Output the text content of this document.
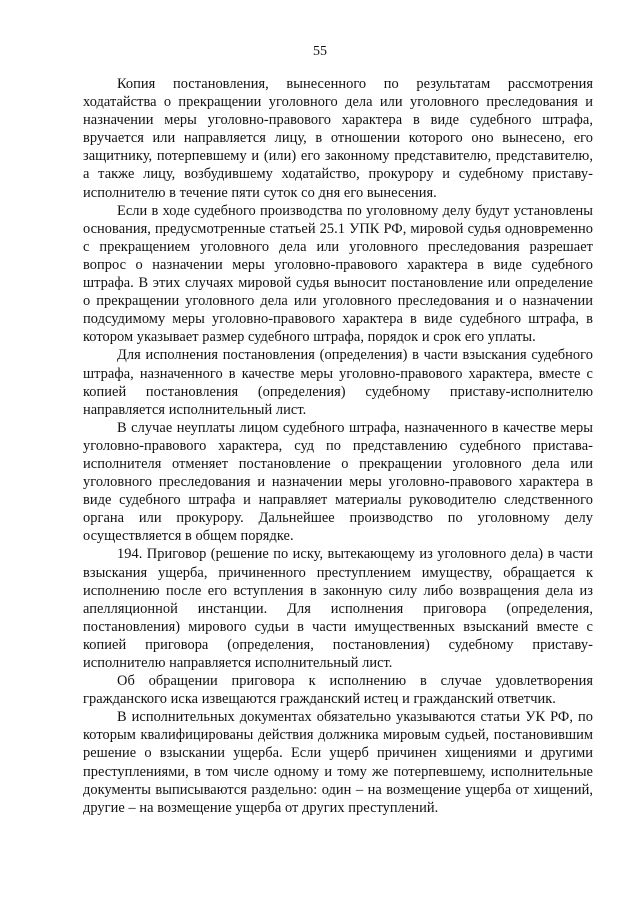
55

Копия постановления, вынесенного по результатам рассмотрения ходатайства о прекращении уголовного дела или уголовного преследования и назначении меры уголовно-правового характера в виде судебного штрафа, вручается или направляется лицу, в отношении которого оно вынесено, его защитнику, потерпевшему и (или) его законному представителю, представителю, а также лицу, возбудившему ходатайство, прокурору и судебному приставу-исполнителю в течение пяти суток со дня его вынесения.

Если в ходе судебного производства по уголовному делу будут установлены основания, предусмотренные статьей 25.1 УПК РФ, мировой судья одновременно с прекращением уголовного дела или уголовного преследования разрешает вопрос о назначении меры уголовно-правового характера в виде судебного штрафа. В этих случаях мировой судья выносит постановление или определение о прекращении уголовного дела или уголовного преследования и о назначении подсудимому меры уголовно-правового характера в виде судебного штрафа, в котором указывает размер судебного штрафа, порядок и срок его уплаты.

Для исполнения постановления (определения) в части взыскания судебного штрафа, назначенного в качестве меры уголовно-правового характера, вместе с копией постановления (определения) судебному приставу-исполнителю направляется исполнительный лист.

В случае неуплаты лицом судебного штрафа, назначенного в качестве меры уголовно-правового характера, суд по представлению судебного пристава-исполнителя отменяет постановление о прекращении уголовного дела или уголовного преследования и назначении меры уголовно-правового характера в виде судебного штрафа и направляет материалы руководителю следственного органа или прокурору. Дальнейшее производство по уголовному делу осуществляется в общем порядке.

194. Приговор (решение по иску, вытекающему из уголовного дела) в части взыскания ущерба, причиненного преступлением имуществу, обращается к исполнению после его вступления в законную силу либо возвращения дела из апелляционной инстанции. Для исполнения приговора (определения, постановления) мирового судьи в части имущественных взысканий вместе с копией приговора (определения, постановления) судебному приставу-исполнителю направляется исполнительный лист.

Об обращении приговора к исполнению в случае удовлетворения гражданского иска извещаются гражданский истец и гражданский ответчик.

В исполнительных документах обязательно указываются статьи УК РФ, по которым квалифицированы действия должника мировым судьей, постановившим решение о взыскании ущерба. Если ущерб причинен хищениями и другими преступлениями, в том числе одному и тому же потерпевшему, исполнительные документы выписываются раздельно: один – на возмещение ущерба от хищений, другие – на возмещение ущерба от других преступлений.
